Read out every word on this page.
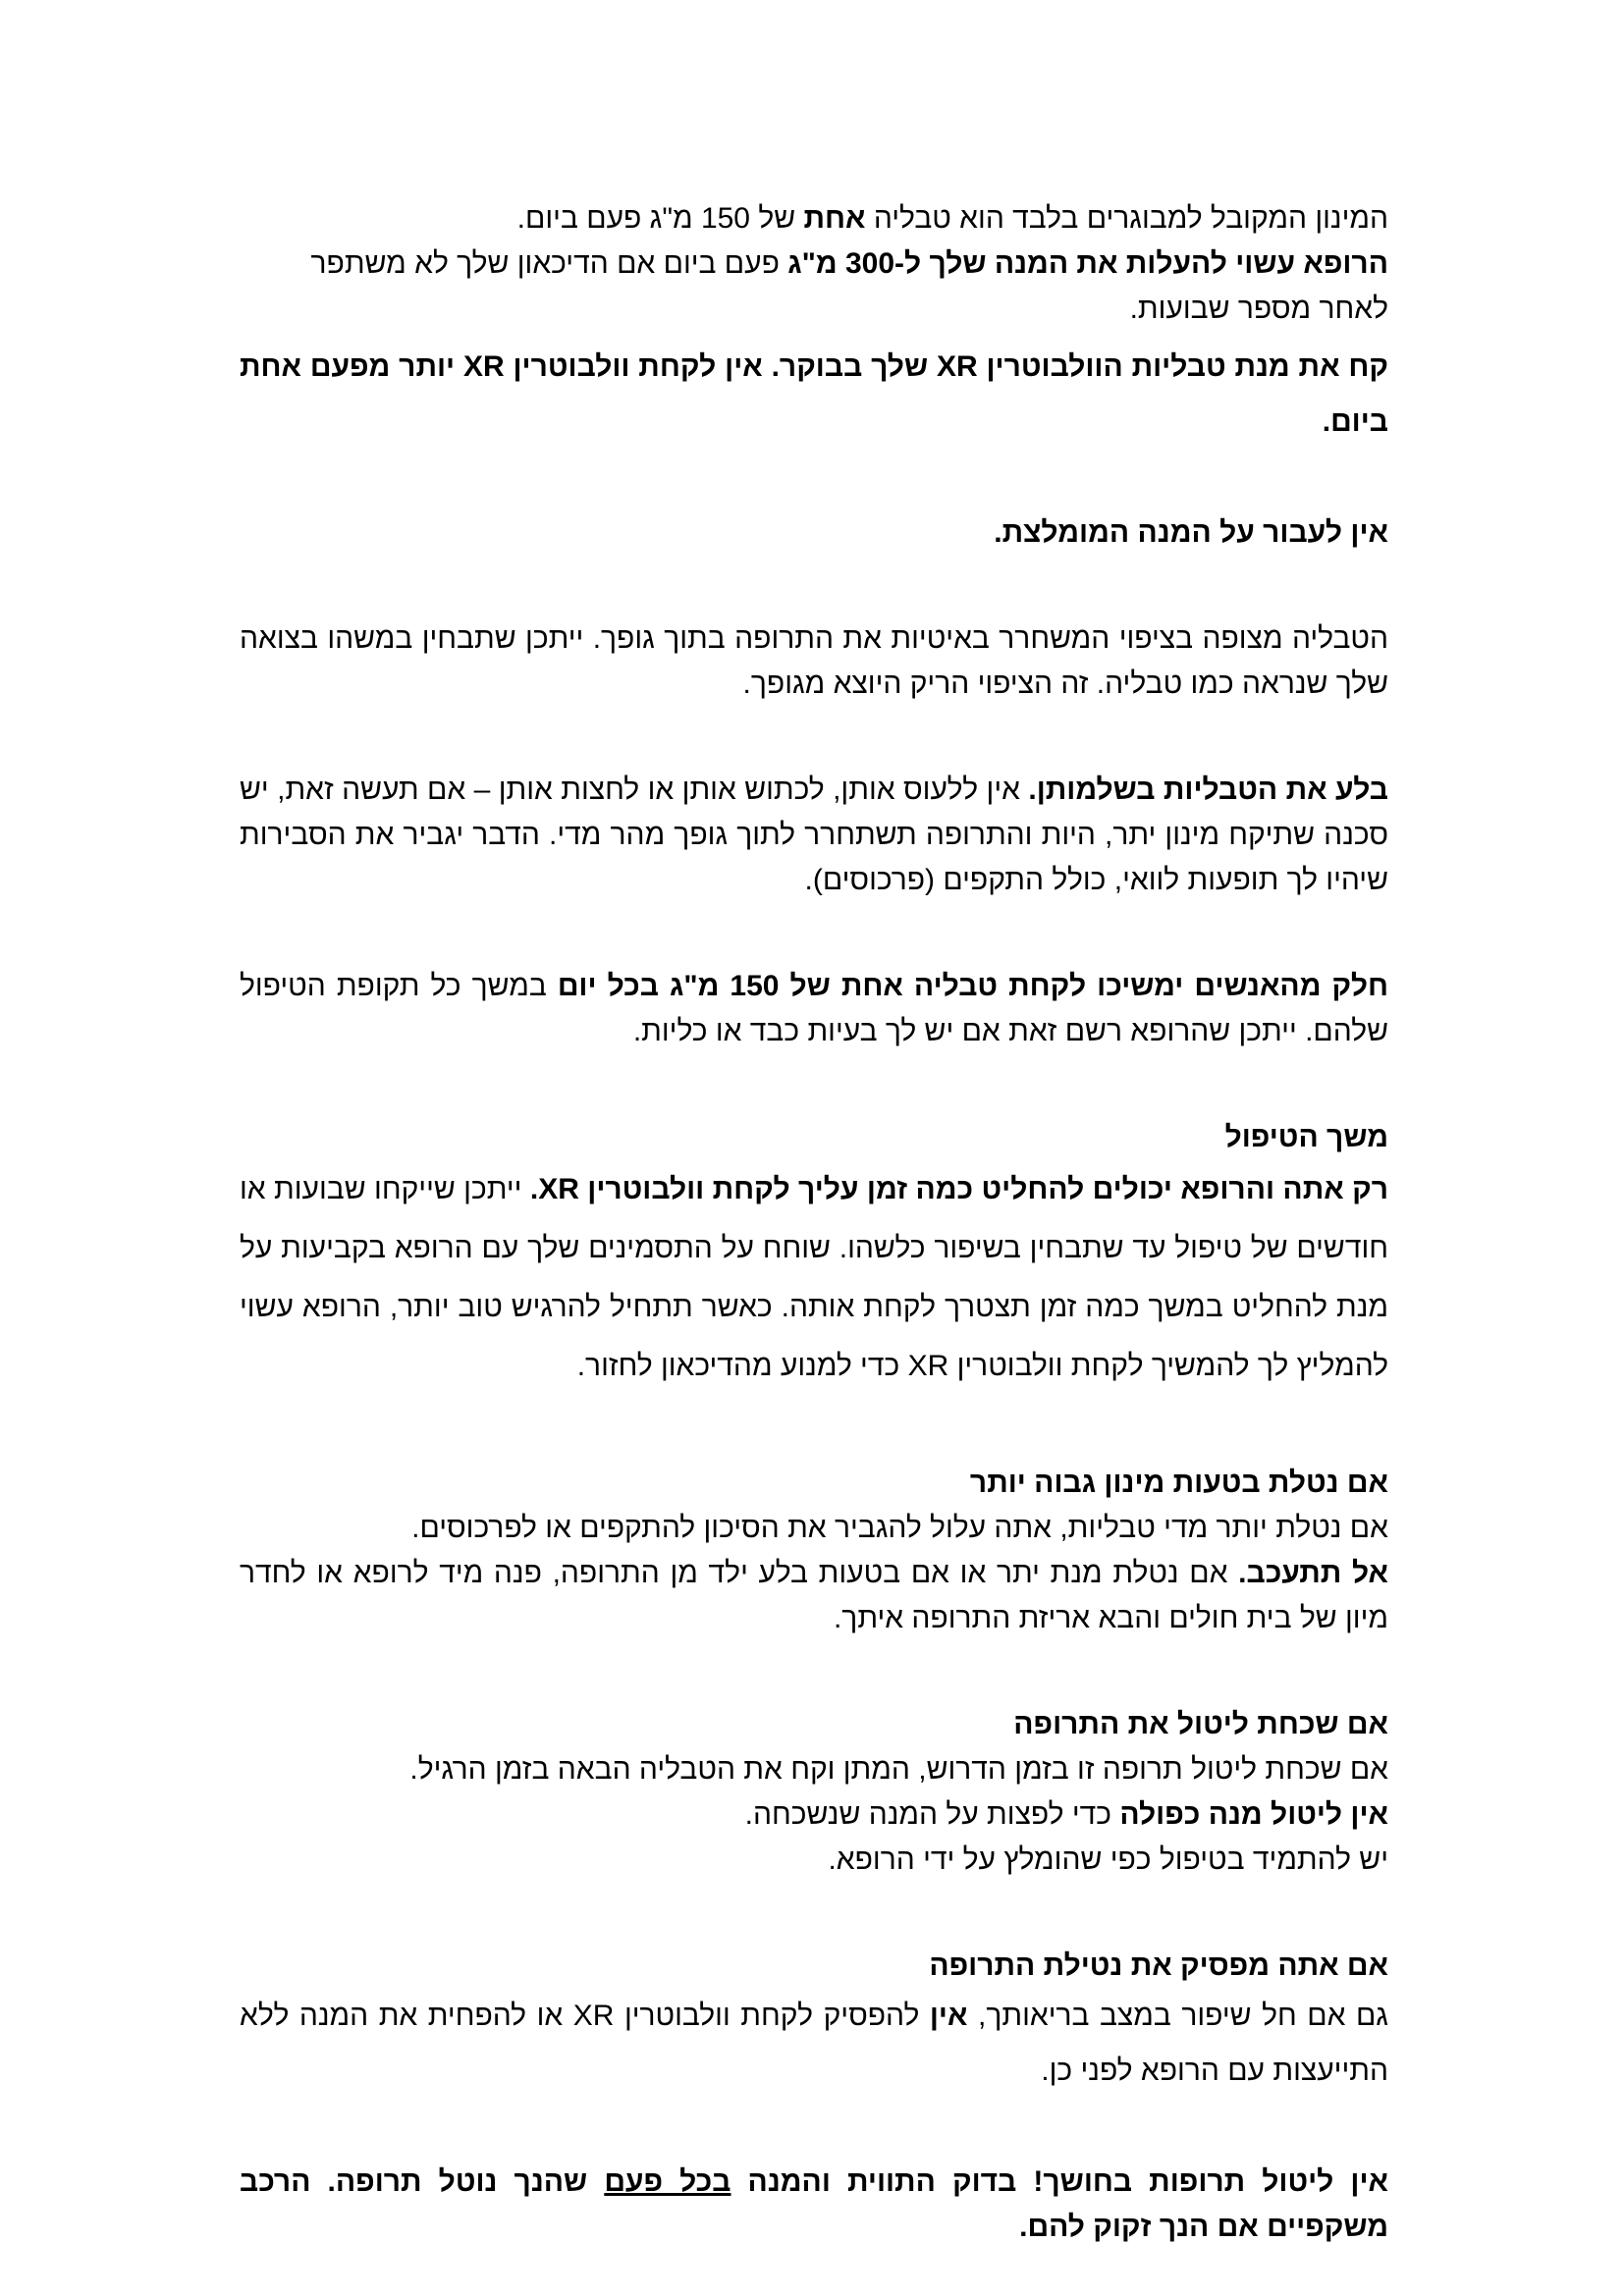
המינון המקובל למבוגרים בלבד הוא טבליה אחת של 150 מ"ג פעם ביום.

הרופא עשוי להעלות את המנה שלך ל-300 מ"ג פעם ביום אם הדיכאון שלך לא משתפר לאחר מספר שבועות.

קח את מנת טבליות הוולבוטרין XR שלך בבוקר. אין לקחת וולבוטרין XR יותר מפעם אחת ביום.

אין לעבור על המנה המומלצת.

הטבליה מצופה בציפוי המשחרר באיטיות את התרופה בתוך גופך. ייתכן שתבחין במשהו בצואה שלך שנראה כמו טבליה. זה הציפוי הריק היוצא מגופך.

בלע את הטבליות בשלמותן. אין ללעוס אותן, לכתוש אותן או לחצות אותן – אם תעשה זאת, יש סכנה שתיקח מינון יתר, היות והתרופה תשתחרר לתוך גופך מהר מדי. הדבר יגביר את הסבירות שיהיו לך תופעות לוואי, כולל התקפים (פרכוסים).

חלק מהאנשים ימשיכו לקחת טבליה אחת של 150 מ"ג בכל יום במשך כל תקופת הטיפול שלהם. ייתכן שהרופא רשם זאת אם יש לך בעיות כבד או כליות.

משך הטיפול

רק אתה והרופא יכולים להחליט כמה זמן עליך לקחת וולבוטרין XR. ייתכן שייקחו שבועות או חודשים של טיפול עד שתבחין בשיפור כלשהו. שוחח על התסמינים שלך עם הרופא בקביעות על מנת להחליט במשך כמה זמן תצטרך לקחת אותה. כאשר תתחיל להרגיש טוב יותר, הרופא עשוי להמליץ לך להמשיך לקחת וולבוטרין XR כדי למנוע מהדיכאון לחזור.

אם נטלת בטעות מינון גבוה יותר

אם נטלת יותר מדי טבליות, אתה עלול להגביר את הסיכון להתקפים או לפרכוסים.

אל תתעכב. אם נטלת מנת יתר או אם בטעות בלע ילד מן התרופה, פנה מיד לרופא או לחדר מיון של בית חולים והבא אריזת התרופה איתך.

אם שכחת ליטול את התרופה

אם שכחת ליטול תרופה זו בזמן הדרוש, המתן וקח את הטבליה הבאה בזמן הרגיל.

אין ליטול מנה כפולה כדי לפצות על המנה שנשכחה.

יש להתמיד בטיפול כפי שהומלץ על ידי הרופא.

אם אתה מפסיק את נטילת התרופה

גם אם חל שיפור במצב בריאותך, אין להפסיק לקחת וולבוטרין XR או להפחית את המנה ללא התייעצות עם הרופא לפני כן.

אין ליטול תרופות בחושך! בדוק התווית והמנה בכל פעם שהנך נוטל תרופה. הרכב משקפיים אם הנך זקוק להם.
